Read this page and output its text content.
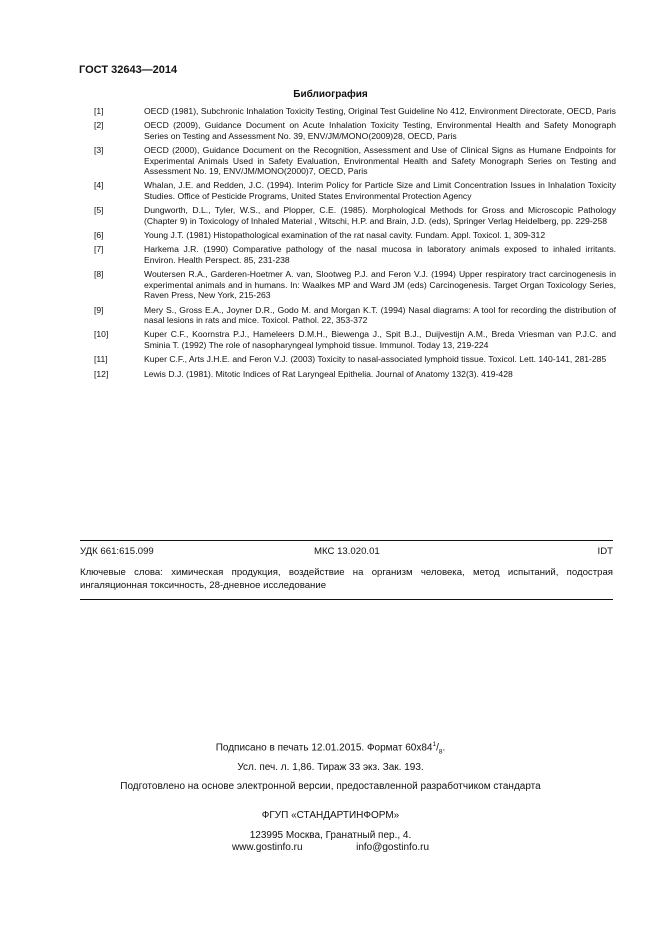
ГОСТ 32643—2014
Библиография
[1]	OECD (1981), Subchronic Inhalation Toxicity Testing, Original Test Guideline No 412, Environment Directorate, OECD, Paris
[2]	OECD (2009), Guidance Document on Acute Inhalation Toxicity Testing, Environmental Health and Safety Monograph Series on Testing and Assessment No. 39, ENV/JM/MONO(2009)28, OECD, Paris
[3]	OECD (2000), Guidance Document on the Recognition, Assessment and Use of Clinical Signs as Humane Endpoints for Experimental Animals Used in Safety Evaluation, Environmental Health and Safety Monograph Series on Testing and Assessment No. 19, ENV/JM/MONO(2000)7, OECD, Paris
[4]	Whalan, J.E. and Redden, J.C. (1994). Interim Policy for Particle Size and Limit Concentration Issues in Inhalation Toxicity Studies. Office of Pesticide Programs, United States Environmental Protection Agency
[5]	Dungworth, D.L., Tyler, W.S., and Plopper, C.E. (1985). Morphological Methods for Gross and Microscopic Pathology (Chapter 9) in Toxicology of Inhaled Material , Witschi, H.P. and Brain, J.D. (eds), Springer Verlag Heidelberg, pp. 229-258
[6]	Young J.T. (1981) Histopathological examination of the rat nasal cavity. Fundam. Appl. Toxicol. 1, 309-312
[7]	Harkema J.R. (1990) Comparative pathology of the nasal mucosa in laboratory animals exposed to inhaled irritants. Environ. Health Perspect. 85, 231-238
[8]	Woutersen R.A., Garderen-Hoetmer A. van, Slootweg P.J. and Feron V.J. (1994) Upper respiratory tract carcinogenesis in experimental animals and in humans. In: Waalkes MP and Ward JM (eds) Carcinogenesis. Target Organ Toxicology Series, Raven Press, New York, 215-263
[9]	Mery S., Gross E.A., Joyner D.R., Godo M. and Morgan K.T. (1994) Nasal diagrams: A tool for recording the distribution of nasal lesions in rats and mice. Toxicol. Pathol. 22, 353-372
[10]	Kuper C.F., Koornstra P.J., Hameleers D.M.H., Biewenga J., Spit B.J., Duijvestijn A.M., Breda Vriesman van P.J.C. and Sminia T. (1992) The role of nasopharyngeal lymphoid tissue. Immunol. Today 13, 219-224
[11]	Kuper C.F., Arts J.H.E. and Feron V.J. (2003) Toxicity to nasal-associated lymphoid tissue. Toxicol. Lett. 140-141, 281-285
[12]	Lewis D.J. (1981). Mitotic Indices of Rat Laryngeal Epithelia. Journal of Anatomy 132(3). 419-428
УДК 661:615.099	МКС 13.020.01	IDT
Ключевые слова: химическая продукция, воздействие на организм человека, метод испытаний, подострая ингаляционная токсичность, 28-дневное исследование
Подписано в печать 12.01.2015. Формат $60х84^1/_8$.
Усл. печ. л. 1,86. Тираж 33 экз. Зак. 193.
Подготовлено на основе электронной версии, предоставленной разработчиком стандарта
ФГУП «СТАНДАРТИНФОРМ»
123995 Москва, Гранатный пер., 4.
www.gostinfo.ru	info@gostinfo.ru
